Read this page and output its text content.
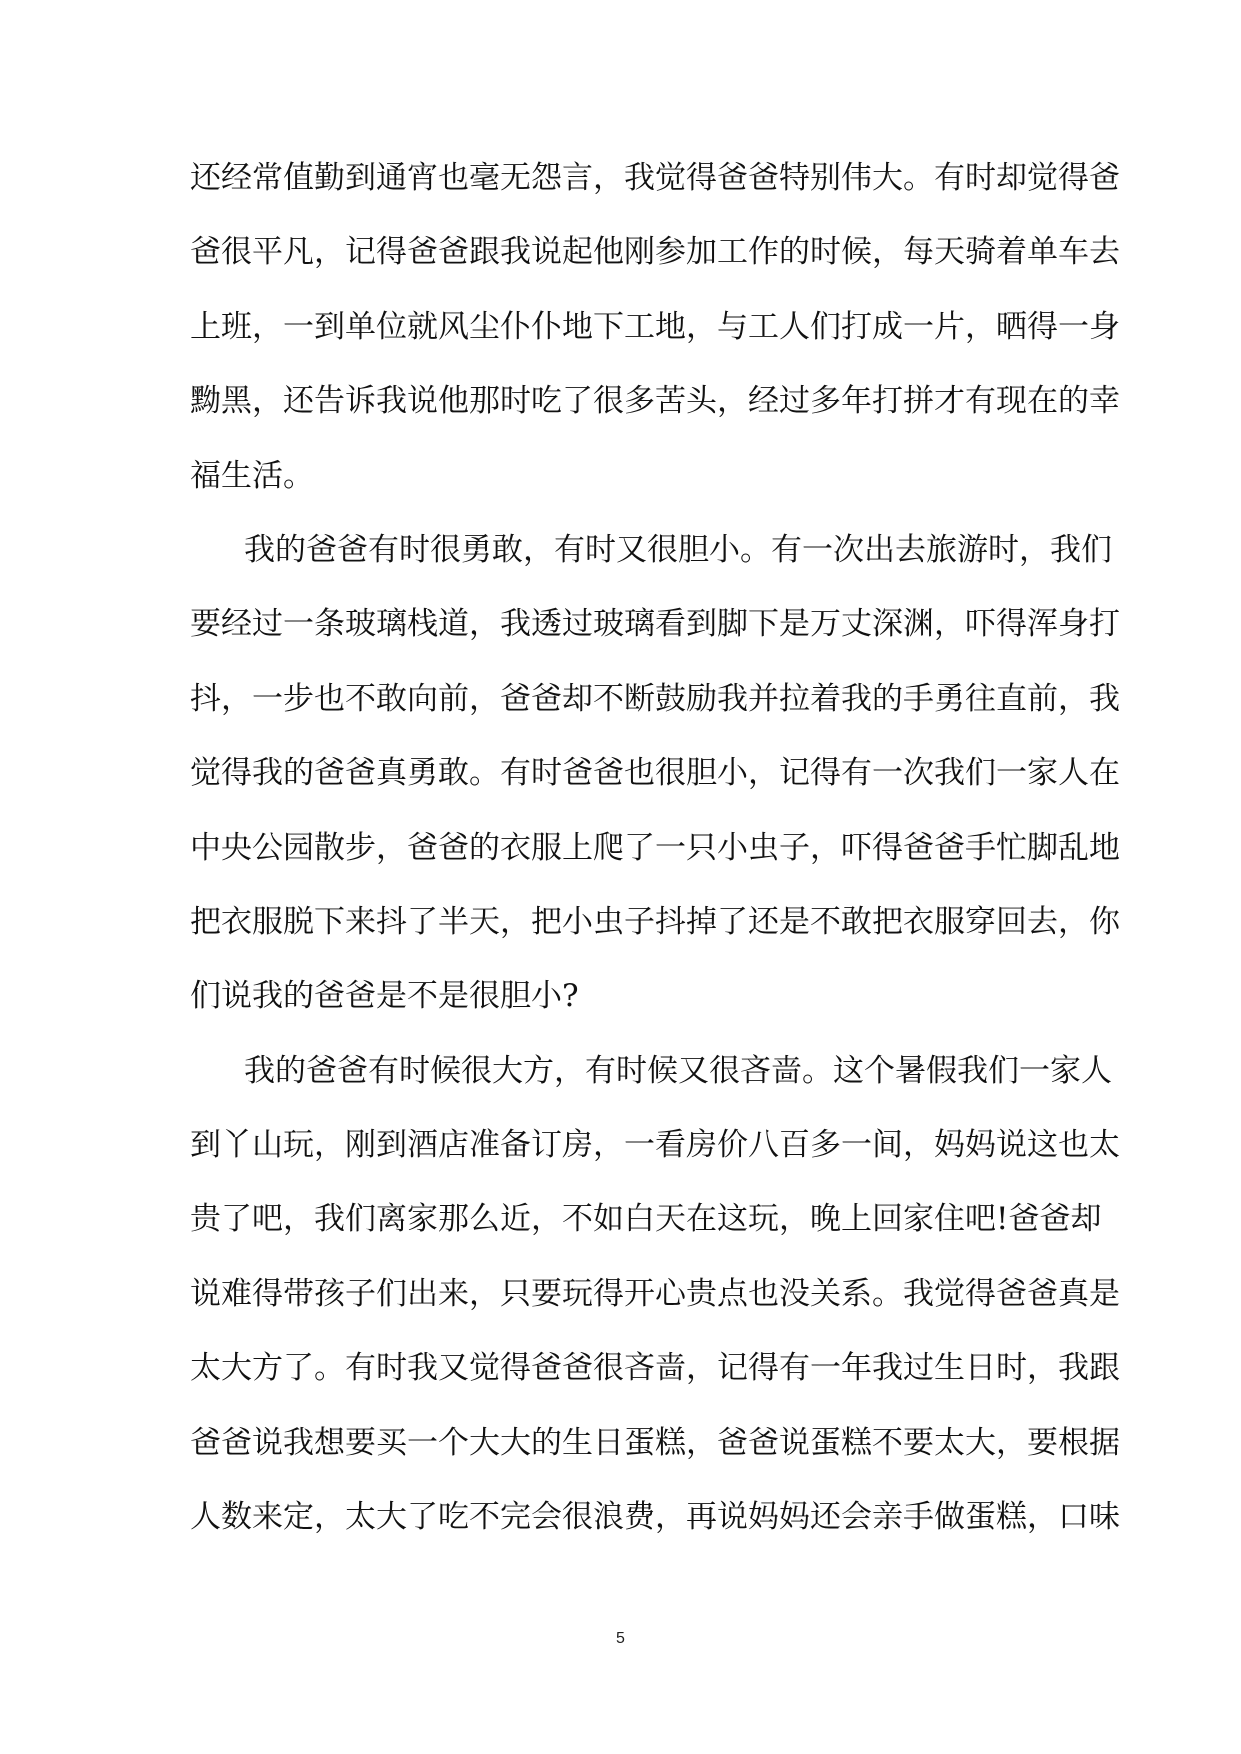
还经常值勤到通宵也毫无怨言，我觉得爸爸特别伟大。有时却觉得爸
爸很平凡，记得爸爸跟我说起他刚参加工作的时候，每天骑着单车去
上班，一到单位就风尘仆仆地下工地，与工人们打成一片，晒得一身
黝黑，还告诉我说他那时吃了很多苦头，经过多年打拼才有现在的幸
福生活。
我的爸爸有时很勇敢，有时又很胆小。有一次出去旅游时，我们
要经过一条玻璃栈道，我透过玻璃看到脚下是万丈深渊，吓得浑身打
抖，一步也不敢向前，爸爸却不断鼓励我并拉着我的手勇往直前，我
觉得我的爸爸真勇敢。有时爸爸也很胆小，记得有一次我们一家人在
中央公园散步，爸爸的衣服上爬了一只小虫子，吓得爸爸手忙脚乱地
把衣服脱下来抖了半天，把小虫子抖掉了还是不敢把衣服穿回去，你
们说我的爸爸是不是很胆小?
我的爸爸有时候很大方，有时候又很吝啬。这个暑假我们一家人
到丫山玩，刚到酒店准备订房，一看房价八百多一间，妈妈说这也太
贵了吧，我们离家那么近，不如白天在这玩，晚上回家住吧!爸爸却
说难得带孩子们出来，只要玩得开心贵点也没关系。我觉得爸爸真是
太大方了。有时我又觉得爸爸很吝啬，记得有一年我过生日时，我跟
爸爸说我想要买一个大大的生日蛋糕，爸爸说蛋糕不要太大，要根据
人数来定，太大了吃不完会很浪费，再说妈妈还会亲手做蛋糕，口味
5
